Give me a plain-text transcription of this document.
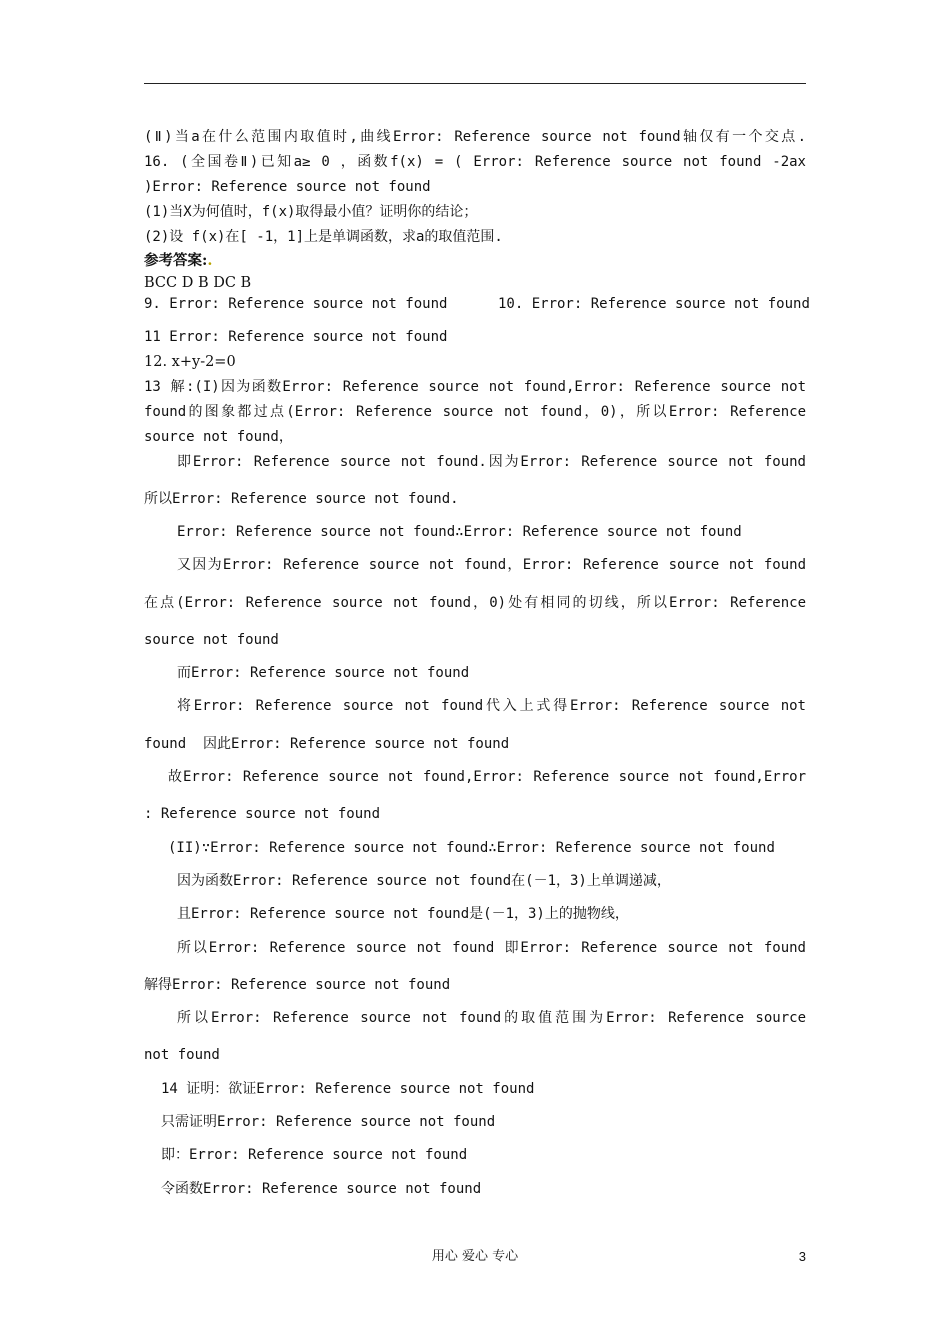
(Ⅱ)当a在什么范围内取值时,曲线Error: Reference source not found轴仅有一个交点.
16. (全国卷Ⅱ)已知a≥ 0 ，函数f(x) = ( Error: Reference source not found -2ax
)Error: Reference source not found
(1)当X为何值时，f(x)取得最小值？证明你的结论；
(2)设 f(x)在[ -1，1]上是单调函数，求a的取值范围.
参考答案:.
BCC D B DC B
9. Error: Reference source not found      10. Error: Reference source not found
11 Error: Reference source not found
12. x+y-2=0
13 解:(I)因为函数Error: Reference source not found,Error: Reference source not
found的图象都过点(Error: Reference source not found，0)，所以Error: Reference
source not found，
即Error: Reference source not found.因为Error: Reference source not found
所以Error: Reference source not found.
Error: Reference source not found∴Error: Reference source not found
又因为Error: Reference source not found，Error: Reference source not found
在点(Error: Reference source not found，0)处有相同的切线，所以Error: Reference
source not found
而Error: Reference source not found
将Error: Reference source not found代入上式得Error: Reference source not
found  因此Error: Reference source not found
故Error: Reference source not found,Error: Reference source not found,Error
: Reference source not found
(II)∵Error: Reference source not found∴Error: Reference source not found
因为函数Error: Reference source not found在(－1，3)上单调递减，
且Error: Reference source not found是(－1，3)上的抛物线，
所以Error: Reference source not found 即Error: Reference source not found
解得Error: Reference source not found
所以Error: Reference source not found的取值范围为Error: Reference source
not found
14 证明：欲证Error: Reference source not found
只需证明Error: Reference source not found
即：Error: Reference source not found
令函数Error: Reference source not found
用心 爱心 专心	3
